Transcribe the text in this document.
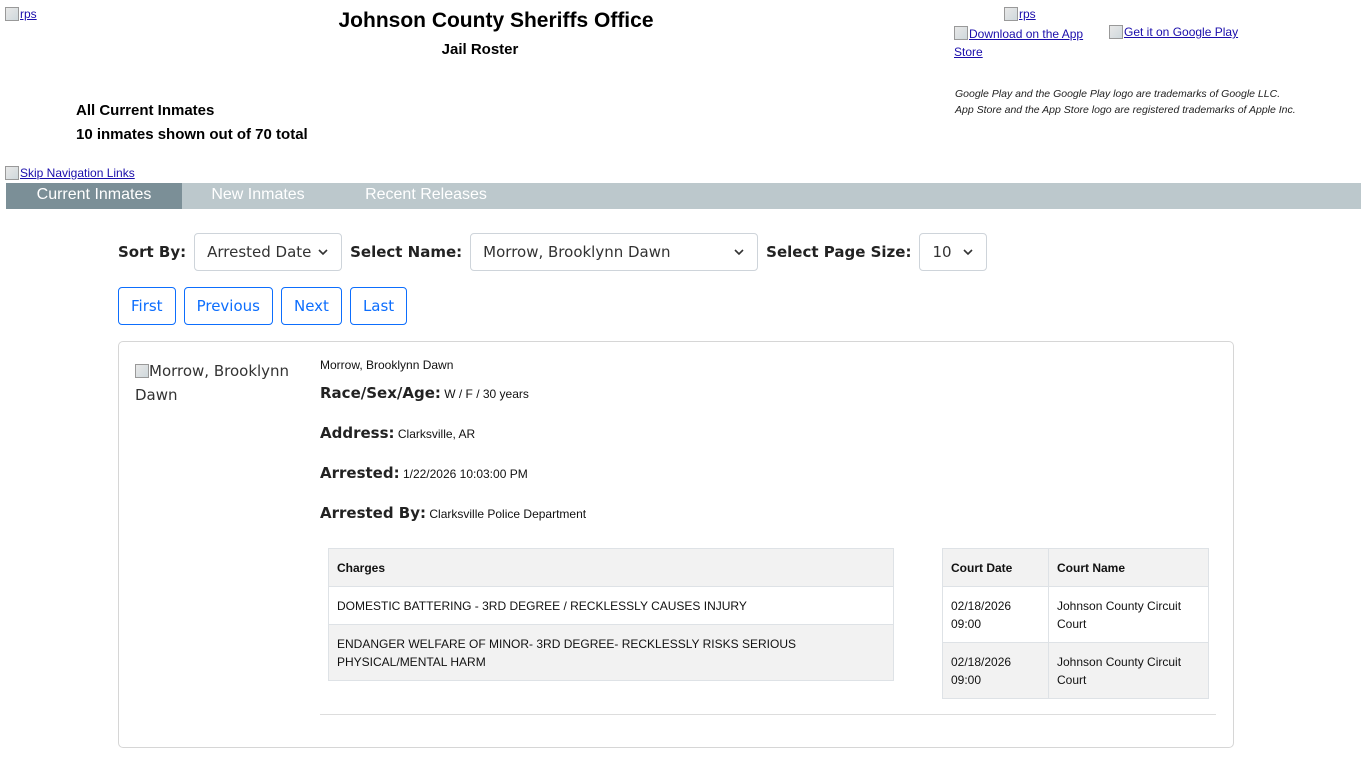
rps	Johnson County Sheriffs Office
Jail Roster
rps
Download on the App Store
Get it on Google Play
Google Play and the Google Play logo are trademarks of Google LLC.
App Store and the App Store logo are registered trademarks of Apple Inc.
All Current Inmates
10 inmates shown out of 70 total
Skip Navigation Links
Current Inmates	New Inmates	Recent Releases
Sort By: Arrested Date	Select Name: Morrow, Brooklynn Dawn	Select Page Size: 10
First	Previous	Next	Last
Morrow, Brooklynn Dawn
Morrow, Brooklynn Dawn
Race/Sex/Age: W / F / 30 years
Address: Clarksville, AR
Arrested: 1/22/2026 10:03:00 PM
Arrested By: Clarksville Police Department
Charges
DOMESTIC BATTERING - 3RD DEGREE / RECKLESSLY CAUSES INJURY
ENDANGER WELFARE OF MINOR- 3RD DEGREE- RECKLESSLY RISKS SERIOUS PHYSICAL/MENTAL HARM
Court Date	Court Name
02/18/2026 09:00	Johnson County Circuit Court
02/18/2026 09:00	Johnson County Circuit Court
